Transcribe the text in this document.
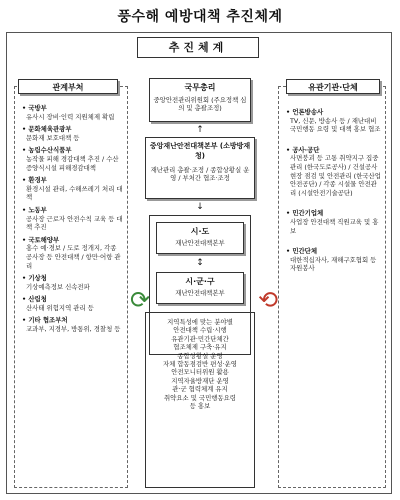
풍수해 예방대책 추진체계
추진체계
관계부처
• 국방부
유사시 장비·인력 지원체제 확립
• 문화체육관광부
문화재 보호대책 등
• 농림수산식품부
농작물 피해 경감대책 추진 / 수산 증양식시설 피해경감대책
• 환경부
환경시설 관리, 수해쓰레기 처리 대책
• 노동부
공사장 근로자 안전수칙 교육 등 대책 추진
• 국토해양부
홍수 예·경보 / 도로 정개지, 각종 공사장 등 안전대책 / 항만·어항 관리
• 기상청
기상예측정보 신속전파
• 산림청
산사태 위험지역 관리 등
• 기타 협조부처
교과부, 지경부, 방통위, 경찰청 등
⟳	⟲
국무총리
중앙안전관리위원회 (주요정책 심의 및 총괄조정)
↑
중앙재난안전대책본부 (소방방재청)
재난관리 총괄·조정 / 종합상황실 운영 / 부처간 협조·조정
↓
시·도
재난안전대책본부
↕
시·군·구
재난안전대책본부
지역특성에 맞는 분야별
안전대책 수립·시행
유관기관·민간단체간
협조체제 구축·유지
종합상황실 운영
자체 합동점검반 편성·운영
안전모니터위원 활용
지역자율방재단 운영
관·군 협력체계 유지
취약요소 및 국민행동요령
등 홍보
유관기관·단체
• 언론방송사
TV, 신문, 방송사 등 / 재난대비 국민행동 요령 및 대책 홍보 협조
• 공사·공단
사면붕괴 등 고통 취약지구 집중관리 (한국도로공사) / 건설공사 현장 점검 및 안전관리 (한국산업안전공단) / 각종 시설물 안전관리 (시설안전기술공단)
• 민간기업체
사업장 안전대책 직원교육 및 홍보
• 민간단체
대한적십자사, 재해구호협회 등 자원봉사
